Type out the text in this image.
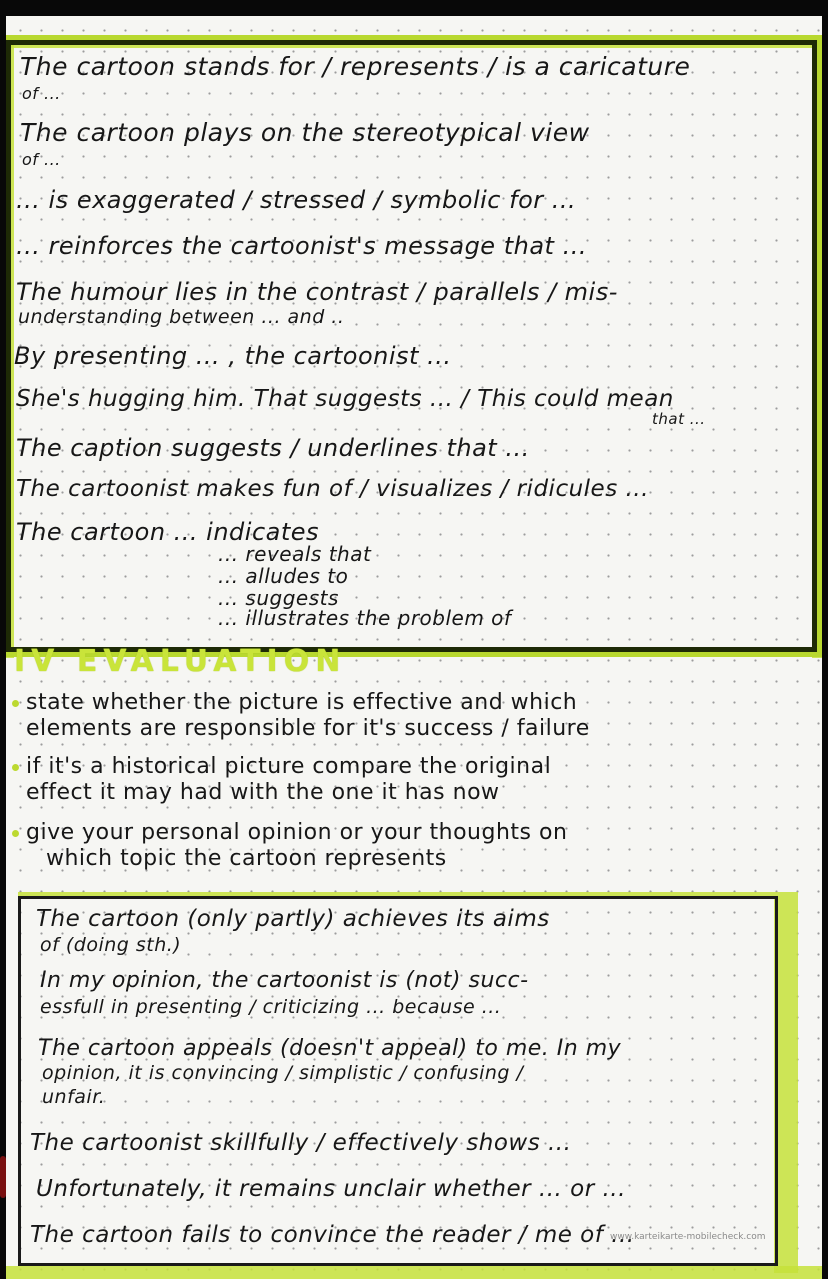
The cartoon stands for / represents / is a caricature
of ...
The cartoon plays on the stereotypical view
of ...
... is exaggerated / stressed / symbolic for ...
... reinforces the cartoonist's message that ...
The humour lies in the contrast / parallels / mis-
understanding between ... and ..
By presenting ... , the cartoonist ...
She's hugging him. That suggests ... / This could mean
that ...
The caption suggests / underlines that ...
The cartoonist makes fun of / visualizes / ridicules ...
The cartoon ... indicates
... reveals that
... alludes to
... suggests
... illustrates the problem of
IV EVALUATION
state whether the picture is effective and which
elements are responsible for it's success / failure
if it's a historical picture compare the original
effect it may had with the one it has now
give your personal opinion or your thoughts on
which topic the cartoon represents
The cartoon (only partly) achieves its aims
of (doing sth.)
In my opinion, the cartoonist is (not) succ-
essfull in presenting / criticizing ... because ...
The cartoon appeals (doesn't appeal) to me. In my
opinion, it is convincing / simplistic / confusing /
unfair.
The cartoonist skillfully / effectively shows ...
Unfortunately, it remains unclair whether ... or ...
The cartoon fails to convince the reader / me of ...
www.karteikarte-mobilecheck.com
